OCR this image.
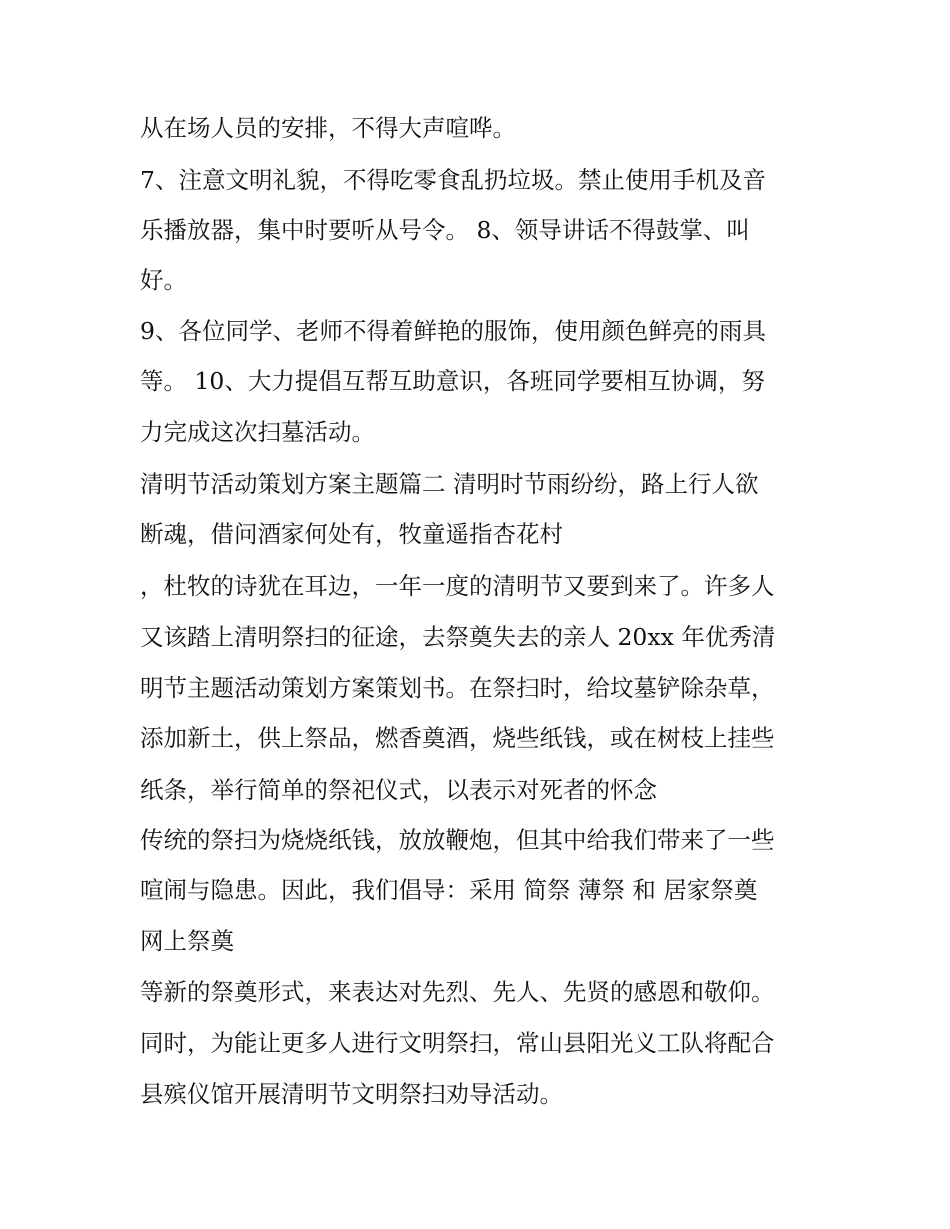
从在场人员的安排，不得大声喧哗。
7、注意文明礼貌，不得吃零食乱扔垃圾。禁止使用手机及音
乐播放器，集中时要听从号令。 8、领导讲话不得鼓掌、叫
好。
9、各位同学、老师不得着鲜艳的服饰，使用颜色鲜亮的雨具
等。 10、大力提倡互帮互助意识，各班同学要相互协调，努
力完成这次扫墓活动。
清明节活动策划方案主题篇二 清明时节雨纷纷，路上行人欲
断魂，借问酒家何处有，牧童遥指杏花村
，杜牧的诗犹在耳边，一年一度的清明节又要到来了。许多人
又该踏上清明祭扫的征途，去祭奠失去的亲人 20xx 年优秀清
明节主题活动策划方案策划书。在祭扫时，给坟墓铲除杂草，
添加新土，供上祭品，燃香奠酒，烧些纸钱，或在树枝上挂些
纸条，举行简单的祭祀仪式，以表示对死者的怀念
传统的祭扫为烧烧纸钱，放放鞭炮，但其中给我们带来了一些
喧闹与隐患。因此，我们倡导：采用 简祭 薄祭 和 居家祭奠
网上祭奠
等新的祭奠形式，来表达对先烈、先人、先贤的感恩和敬仰。
同时，为能让更多人进行文明祭扫，常山县阳光义工队将配合
县殡仪馆开展清明节文明祭扫劝导活动。
